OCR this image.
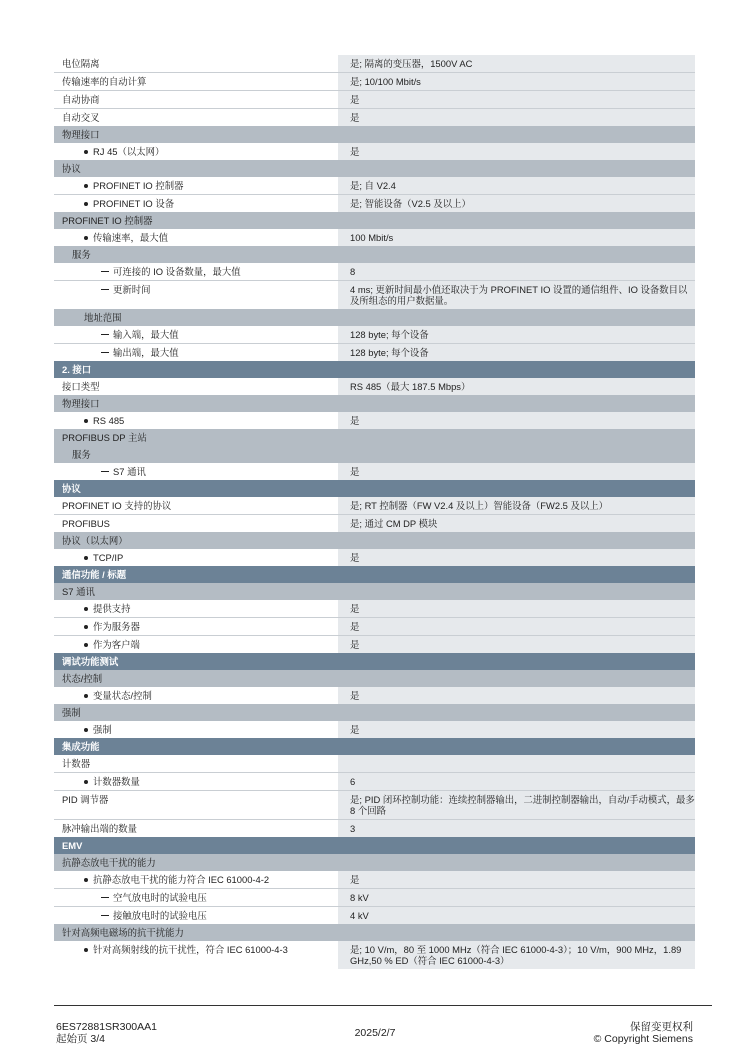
电位隔离	是; 隔离的变压器，1500V AC
传输速率的自动计算	是; 10/100 Mbit/s
自动协商	是
自动交叉	是
物理接口
RJ 45（以太网）	是
协议
PROFINET IO 控制器	是; 自 V2.4
PROFINET IO 设备	是; 智能设备（V2.5 及以上）
PROFINET IO 控制器
传输速率，最大值	100 Mbit/s
服务
可连接的 IO 设备数量，最大值	8
更新时间	4 ms; 更新时间最小值还取决于为 PROFINET IO 设置的通信组件、IO 设备数目以及所组态的用户数据量。
地址范围
输入端，最大值	128 byte; 每个设备
输出端，最大值	128 byte; 每个设备
2. 接口
接口类型	RS 485（最大 187.5 Mbps）
物理接口
RS 485	是
PROFIBUS DP 主站
服务
S7 通讯	是
协议
PROFINET IO 支持的协议	是; RT 控制器（FW V2.4 及以上）智能设备（FW2.5 及以上）
PROFIBUS	是; 通过 CM DP 模块
协议（以太网）
TCP/IP	是
通信功能 / 标题
S7 通讯
提供支持	是
作为服务器	是
作为客户端	是
调试功能测试
状态/控制
变量状态/控制	是
强制
强制	是
集成功能
计数器
计数器数量	6
PID 调节器	是; PID 闭环控制功能：连续控制器输出，二进制控制器输出，自动/手动模式，最多 8 个回路
脉冲输出端的数量	3
EMV
抗静态放电干扰的能力
抗静态放电干扰的能力符合 IEC 61000-4-2	是
空气放电时的试验电压	8 kV
接触放电时的试验电压	4 kV
针对高频电磁场的抗干扰能力
针对高频射线的抗干扰性，符合 IEC 61000-4-3	是; 10 V/m，80 至 1000 MHz（符合 IEC 61000-4-3）；10 V/m，900 MHz，1.89 GHz,50 % ED（符合 IEC 61000-4-3）
6ES72881SR300AA1
起始页 3/4	2025/2/7	保留变更权利
© Copyright Siemens
